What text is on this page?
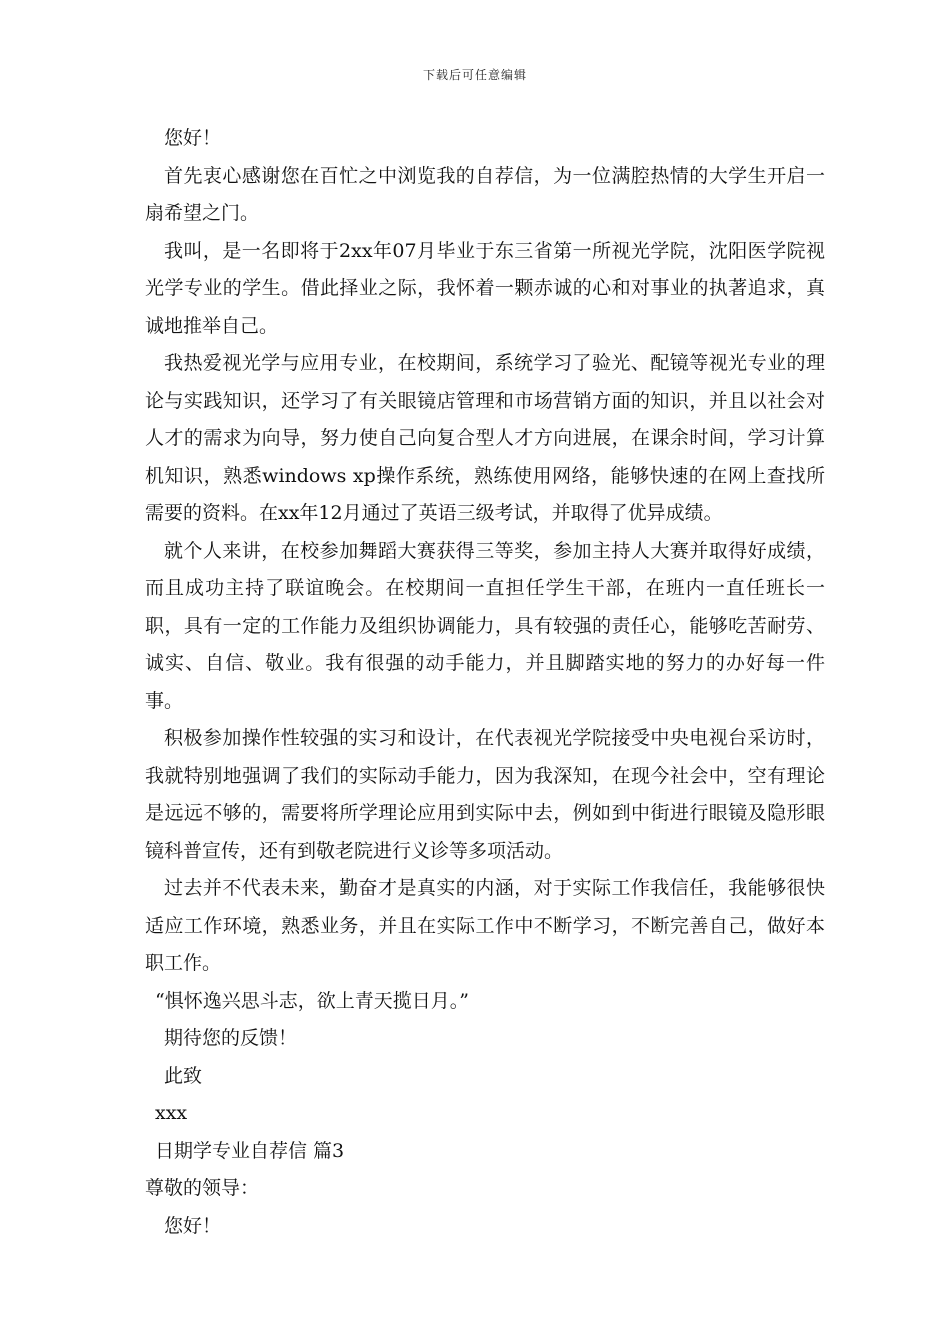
下载后可任意编辑

您好！

首先衷心感谢您在百忙之中浏览我的自荐信，为一位满腔热情的大学生开启一扇希望之门。

我叫，是一名即将于2xx年07月毕业于东三省第一所视光学院，沈阳医学院视光学专业的学生。借此择业之际，我怀着一颗赤诚的心和对事业的执著追求，真诚地推举自己。

我热爱视光学与应用专业，在校期间，系统学习了验光、配镜等视光专业的理论与实践知识，还学习了有关眼镜店管理和市场营销方面的知识，并且以社会对人才的需求为向导，努力使自己向复合型人才方向进展，在课余时间，学习计算机知识，熟悉windows xp操作系统，熟练使用网络，能够快速的在网上查找所需要的资料。在xx年12月通过了英语三级考试，并取得了优异成绩。

就个人来讲，在校参加舞蹈大赛获得三等奖，参加主持人大赛并取得好成绩，而且成功主持了联谊晚会。在校期间一直担任学生干部，在班内一直任班长一职，具有一定的工作能力及组织协调能力，具有较强的责任心，能够吃苦耐劳、诚实、自信、敬业。我有很强的动手能力，并且脚踏实地的努力的办好每一件事。

积极参加操作性较强的实习和设计，在代表视光学院接受中央电视台采访时，我就特别地强调了我们的实际动手能力，因为我深知，在现今社会中，空有理论是远远不够的，需要将所学理论应用到实际中去，例如到中街进行眼镜及隐形眼镜科普宣传，还有到敬老院进行义诊等多项活动。

过去并不代表未来，勤奋才是真实的内涵，对于实际工作我信任，我能够很快适应工作环境，熟悉业务，并且在实际工作中不断学习，不断完善自己，做好本职工作。

“惧怀逸兴思斗志，欲上青天揽日月。”

期待您的反馈！

此致

xxx

日期学专业自荐信 篇3

尊敬的领导：

您好！
